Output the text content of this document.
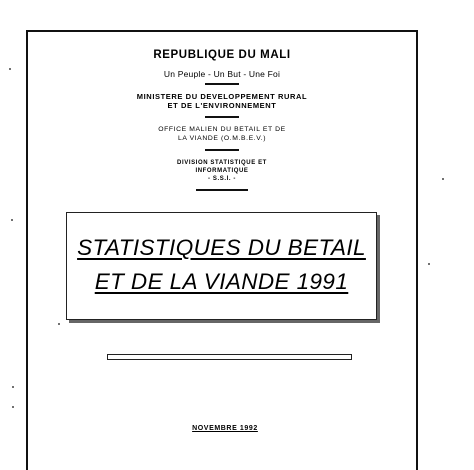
REPUBLIQUE DU MALI
Un Peuple - Un But - Une Foi
MINISTERE DU DEVELOPPEMENT RURAL
ET DE L'ENVIRONNEMENT
OFFICE MALIEN DU BETAIL ET DE
LA VIANDE (O.M.B.E.V.)
DIVISION STATISTIQUE ET
INFORMATIQUE
- S.S.I. -
STATISTIQUES DU BETAIL
ET DE LA VIANDE 1991
NOVEMBRE 1992
